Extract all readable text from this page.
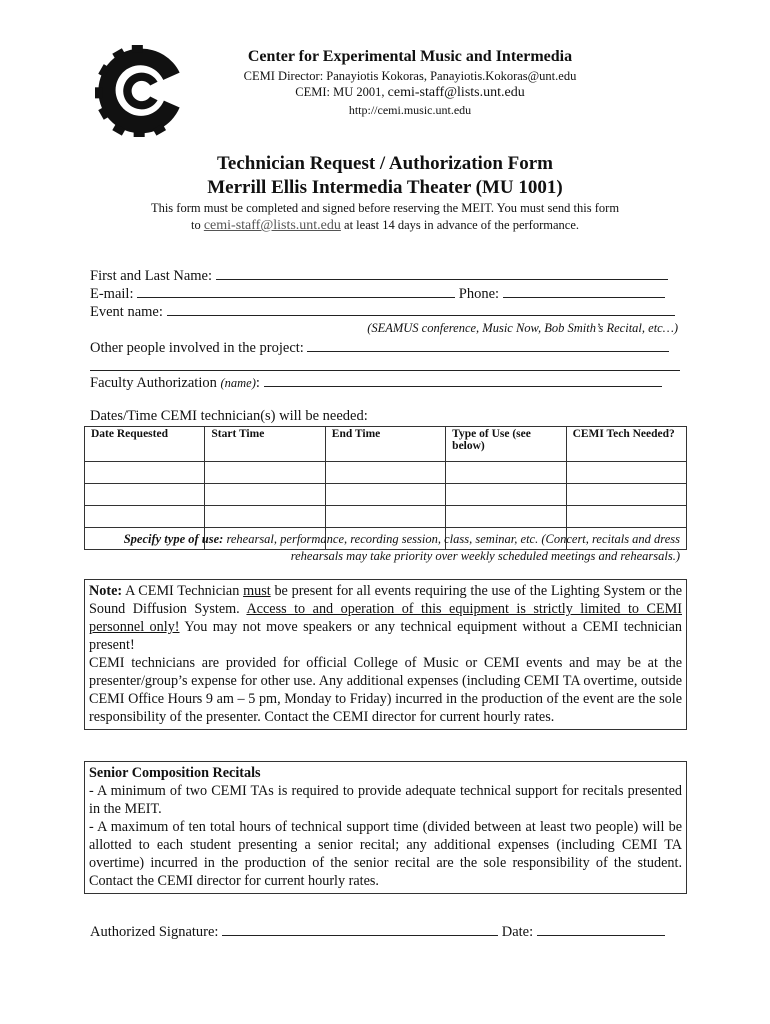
Center for Experimental Music and Intermedia
CEMI Director: Panayiotis Kokoras, Panayiotis.Kokoras@unt.edu
CEMI: MU 2001, cemi-staff@lists.unt.edu
http://cemi.music.unt.edu
Technician Request / Authorization Form
Merrill Ellis Intermedia Theater (MU 1001)
This form must be completed and signed before reserving the MEIT. You must send this form
to cemi-staff@lists.unt.edu at least 14 days in advance of the performance.
First and Last Name:
E-mail:	Phone:
Event name:
(SEAMUS conference, Music Now, Bob Smith’s Recital, etc…)
Other people involved in the project:
Faculty Authorization (name):
Dates/Time CEMI technician(s) will be needed:
Date Requested	Start Time	End Time	Type of Use (see below)	CEMI Tech Needed?

Specify type of use: rehearsal, performance, recording session, class, seminar, etc. (Concert, recitals and dress rehearsals may take priority over weekly scheduled meetings and rehearsals.)
Note: A CEMI Technician must be present for all events requiring the use of the Lighting System or the Sound Diffusion System. Access to and operation of this equipment is strictly limited to CEMI personnel only! You may not move speakers or any technical equipment without a CEMI technician present!
CEMI technicians are provided for official College of Music or CEMI events and may be at the presenter/group’s expense for other use. Any additional expenses (including CEMI TA overtime, outside CEMI Office Hours 9 am – 5 pm, Monday to Friday) incurred in the production of the event are the sole responsibility of the presenter. Contact the CEMI director for current hourly rates.
Senior Composition Recitals
- A minimum of two CEMI TAs is required to provide adequate technical support for recitals presented in the MEIT.
- A maximum of ten total hours of technical support time (divided between at least two people) will be allotted to each student presenting a senior recital; any additional expenses (including CEMI TA overtime) incurred in the production of the senior recital are the sole responsibility of the student. Contact the CEMI director for current hourly rates.
Authorized Signature:	Date:
